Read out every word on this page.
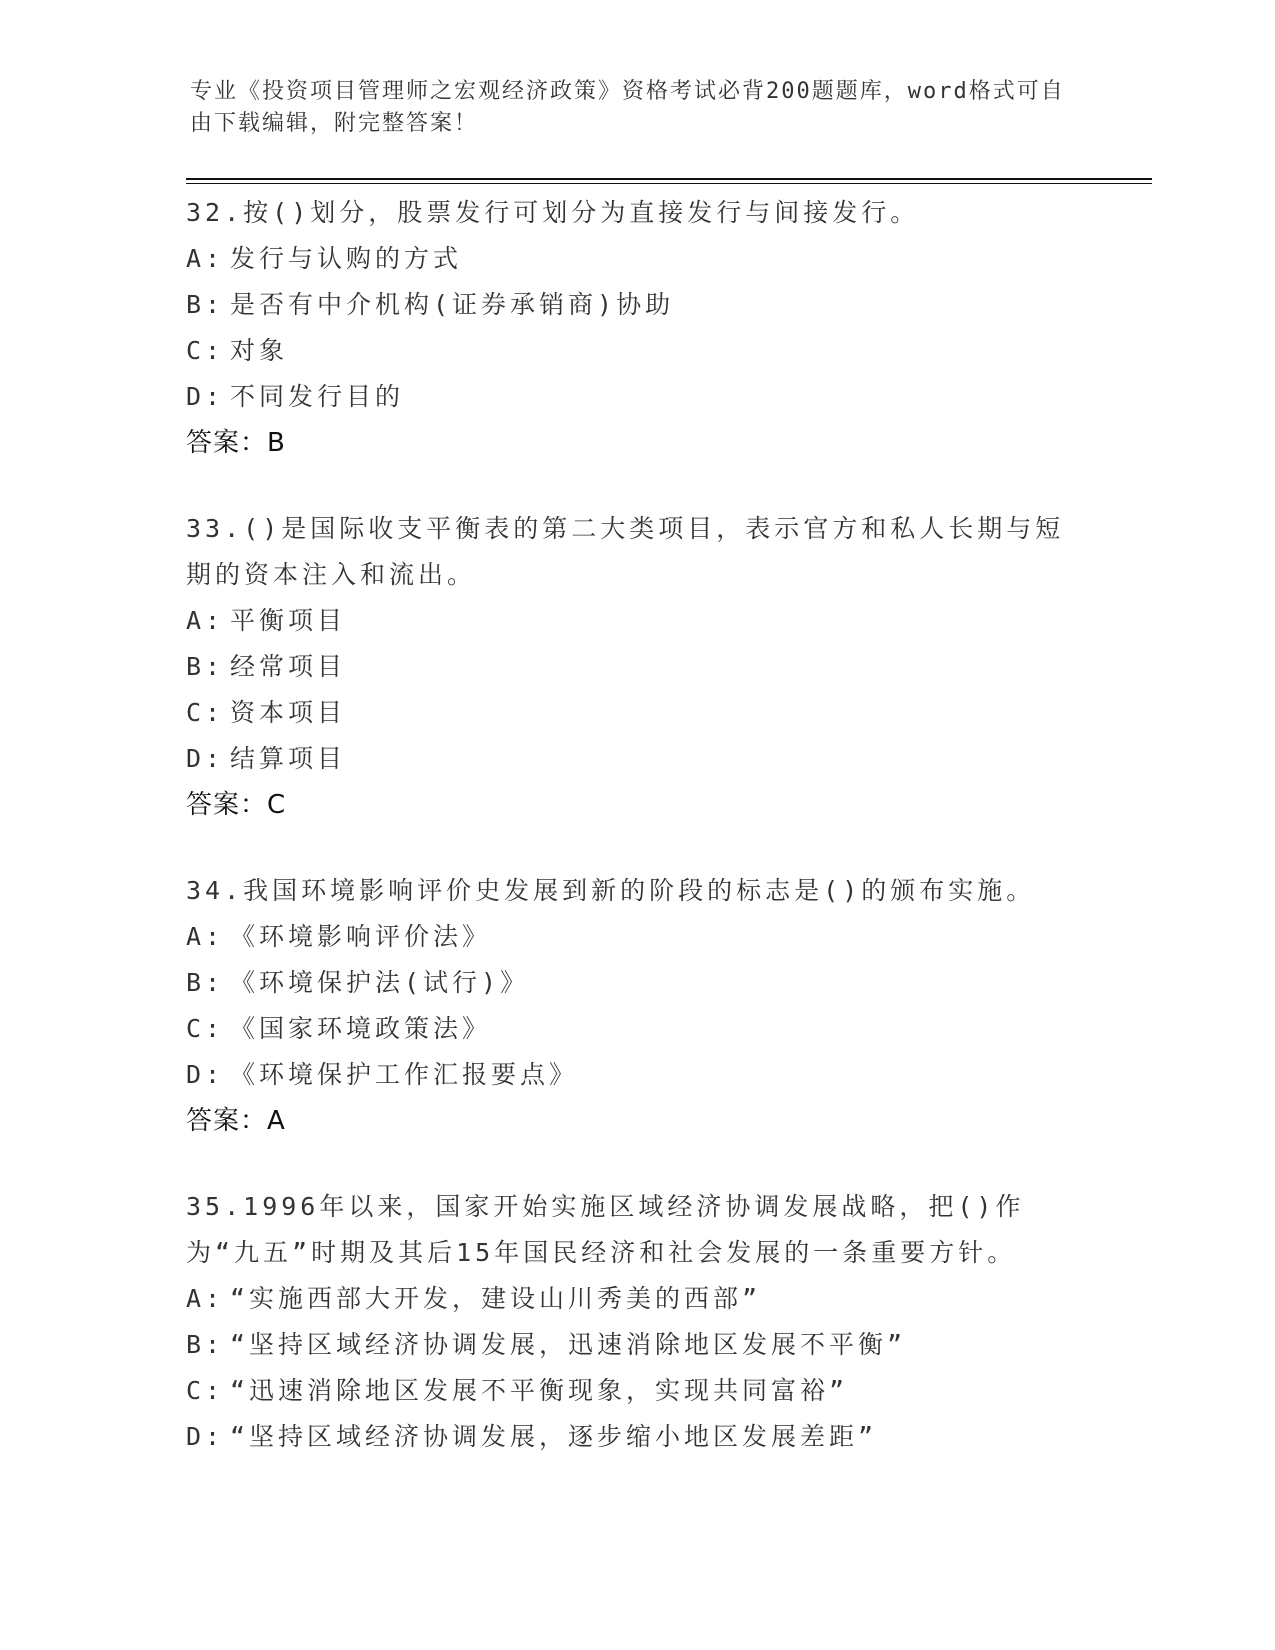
专业《投资项目管理师之宏观经济政策》资格考试必背200题题库，word格式可自由下载编辑，附完整答案！
32.按()划分，股票发行可划分为直接发行与间接发行。
A: 发行与认购的方式
B: 是否有中介机构(证券承销商)协助
C: 对象
D: 不同发行目的
答案：B
33.()是国际收支平衡表的第二大类项目，表示官方和私人长期与短期的资本注入和流出。
A: 平衡项目
B: 经常项目
C: 资本项目
D: 结算项目
答案：C
34.我国环境影响评价史发展到新的阶段的标志是()的颁布实施。
A: 《环境影响评价法》
B: 《环境保护法(试行)》
C: 《国家环境政策法》
D: 《环境保护工作汇报要点》
答案：A
35.1996年以来，国家开始实施区域经济协调发展战略，把()作为“九五”时期及其后15年国民经济和社会发展的一条重要方针。
A: “实施西部大开发，建设山川秀美的西部”
B: “坚持区域经济协调发展，迅速消除地区发展不平衡”
C: “迅速消除地区发展不平衡现象，实现共同富裕”
D: “坚持区域经济协调发展，逐步缩小地区发展差距”
